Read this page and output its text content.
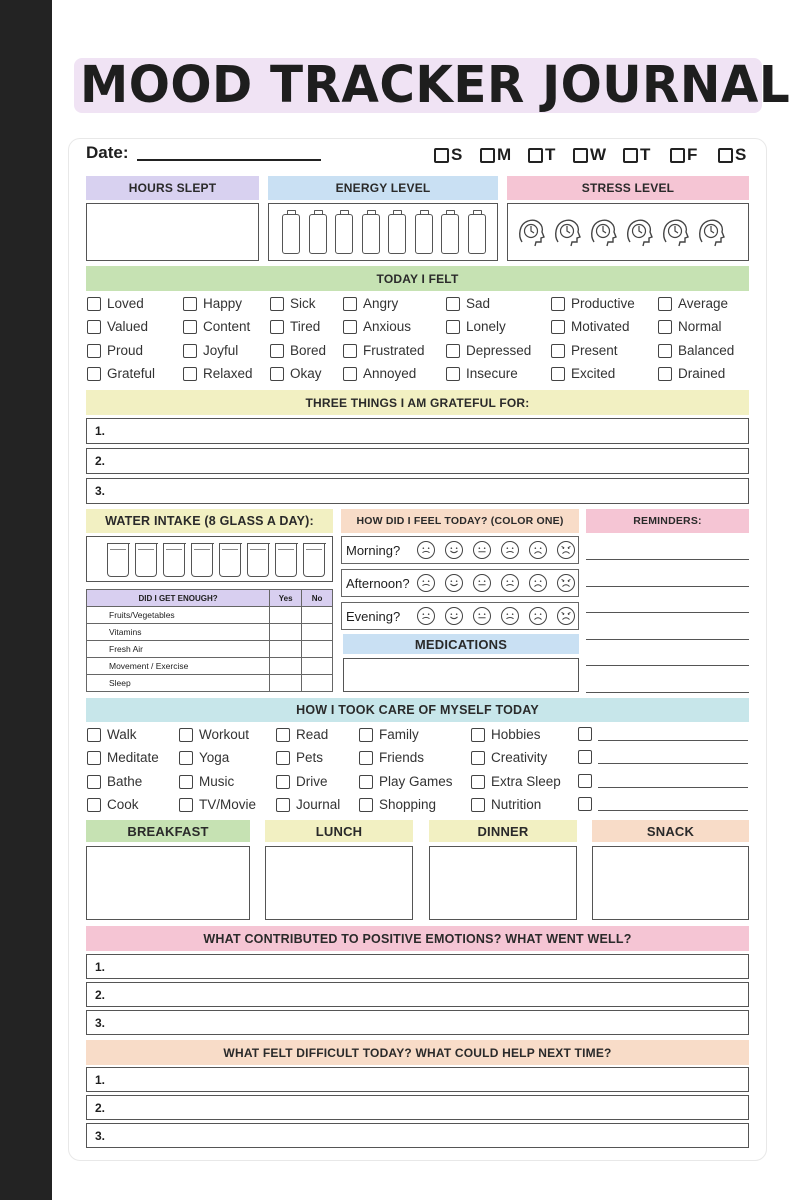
MOOD TRACKER JOURNAL
Date:	S M T W T F S
HOURS SLEPT	ENERGY LEVEL	STRESS LEVEL
TODAY I FELT
Loved	Happy	Sick	Angry	Sad	Productive	Average
Valued	Content	Tired	Anxious	Lonely	Motivated	Normal
Proud	Joyful	Bored	Frustrated	Depressed	Present	Balanced
Grateful	Relaxed	Okay	Annoyed	Insecure	Excited	Drained
THREE THINGS I AM GRATEFUL FOR:
1.
2.
3.
WATER INTAKE (8 GLASS A DAY):
DID I GET ENOUGH?	Yes	No
Fruits/Vegetables		
Vitamins		
Fresh Air		
Movement / Exercise		
Sleep		
HOW DID I FEEL TODAY? (COLOR ONE)
Morning?
Afternoon?
Evening?
MEDICATIONS
REMINDERS:
HOW I TOOK CARE OF MYSELF TODAY
Walk	Workout	Read	Family	Hobbies
Meditate	Yoga	Pets	Friends	Creativity
Bathe	Music	Drive	Play Games	Extra Sleep
Cook	TV/Movie	Journal	Shopping	Nutrition
BREAKFAST	LUNCH	DINNER	SNACK
WHAT CONTRIBUTED TO POSITIVE EMOTIONS? WHAT WENT WELL?
1.
2.
3.
WHAT FELT DIFFICULT TODAY? WHAT COULD HELP NEXT TIME?
1.
2.
3.
